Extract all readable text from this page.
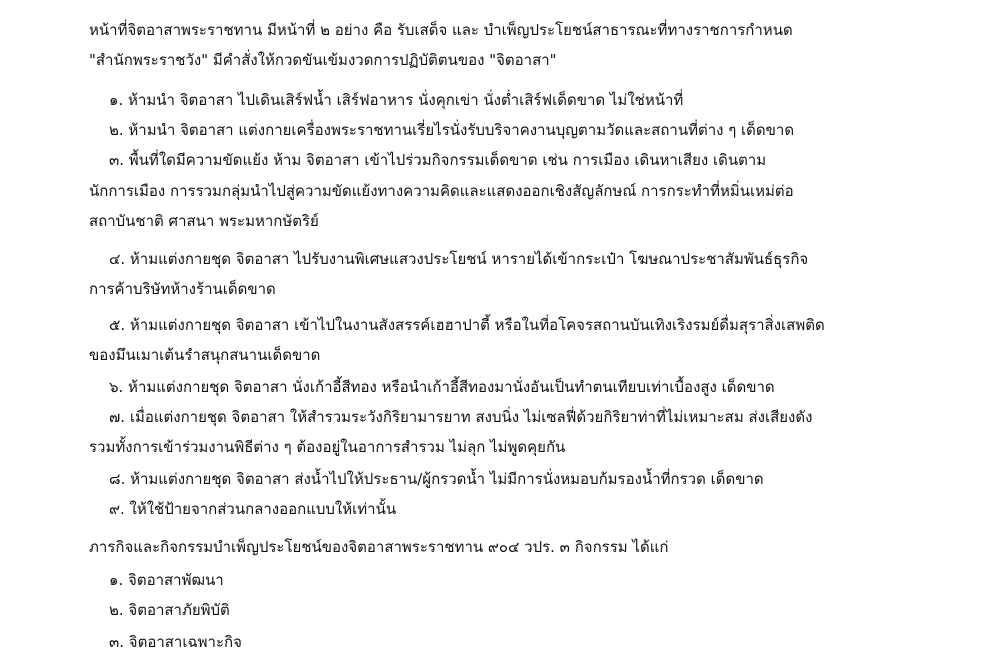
หน้าที่จิตอาสาพระราชทาน มีหน้าที่ ๒ อย่าง คือ รับเสด็จ และ บำเพ็ญประโยชน์สาธารณะที่ทางราชการกำหนด
"สำนักพระราชวัง" มีคำสั่งให้กวดขันเข้มงวดการปฏิบัติตนของ "จิตอาสา"
๑. ห้ามนำ จิตอาสา ไปเดินเสิร์ฟน้ำ เสิร์ฟอาหาร นั่งคุกเข่า นั่งต่ำเสิร์ฟเด็ดขาด ไม่ใช่หน้าที่
๒. ห้ามนำ จิตอาสา แต่งกายเครื่องพระราชทานเรี่ยไรนั่งรับบริจาคงานบุญตามวัดและสถานที่ต่าง ๆ เด็ดขาด
๓. พื้นที่ใดมีความขัดแย้ง ห้าม จิตอาสา เข้าไปร่วมกิจกรรมเด็ดขาด เช่น การเมือง เดินหาเสียง เดินตาม
นักการเมือง การรวมกลุ่มนำไปสู่ความขัดแย้งทางความคิดและแสดงออกเชิงสัญลักษณ์ การกระทำที่หมิ่นเหม่ต่อ
สถาบันชาติ ศาสนา พระมหากษัตริย์
๔. ห้ามแต่งกายชุด จิตอาสา ไปรับงานพิเศษแสวงประโยชน์ หารายได้เข้ากระเป๋า โฆษณาประชาสัมพันธ์ธุรกิจ
การค้าบริษัทห้างร้านเด็ดขาด
๕. ห้ามแต่งกายชุด จิตอาสา เข้าไปในงานสังสรรค์เฮฮาปาตี้ หรือในที่อโคจรสถานบันเทิงเริงรมย์ดื่มสุราสิ่งเสพติด
ของมึนเมาเต้นรำสนุกสนานเด็ดขาด
๖. ห้ามแต่งกายชุด จิตอาสา นั่งเก้าอี้สีทอง หรือนำเก้าอี้สีทองมานั่งอันเป็นทำตนเทียบเท่าเบื้องสูง เด็ดขาด
๗. เมื่อแต่งกายชุด จิตอาสา ให้สำรวมระวังกิริยามารยาท สงบนิ่ง ไม่เซลฟี่ด้วยกิริยาท่าที่ไม่เหมาะสม ส่งเสียงดัง
รวมทั้งการเข้าร่วมงานพิธีต่าง ๆ ต้องอยู่ในอาการสำรวม ไม่ลุก ไม่พูดคุยกัน
๘. ห้ามแต่งกายชุด จิตอาสา ส่งน้ำไปให้ประธาน/ผู้กรวดน้ำ ไม่มีการนั่งหมอบก้มรองน้ำที่กรวด เด็ดขาด
๙. ให้ใช้ป้ายจากส่วนกลางออกแบบให้เท่านั้น
ภารกิจและกิจกรรมบำเพ็ญประโยชน์ของจิตอาสาพระราชทาน ๙๐๔ วปร. ๓ กิจกรรม ได้แก่
๑. จิตอาสาพัฒนา
๒. จิตอาสาภัยพิบัติ
๓. จิตอาสาเฉพาะกิจ
